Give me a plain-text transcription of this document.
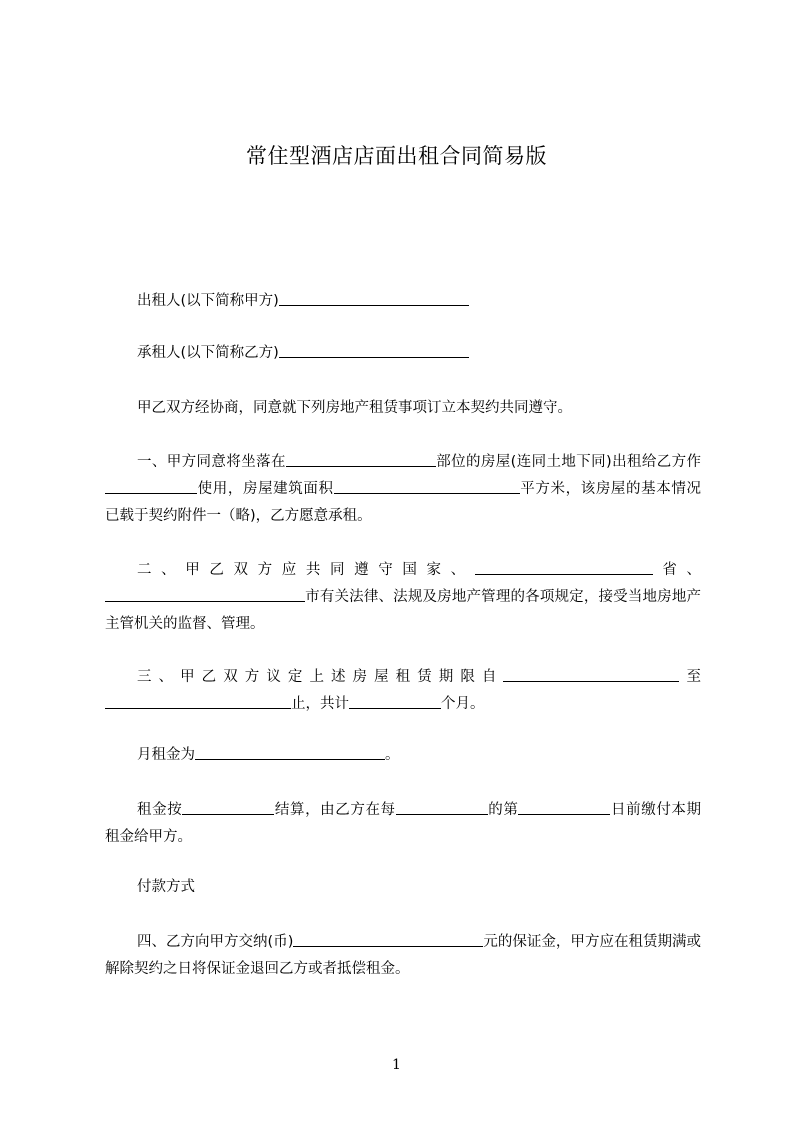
常住型酒店店面出租合同简易版

出租人(以下简称甲方)

承租人(以下简称乙方)

甲乙双方经协商，同意就下列房地产租赁事项订立本契约共同遵守。

一、甲方同意将坐落在	部位的房屋(连同土地下同)出租给乙方作使用，房屋建筑面积	平方米，该房屋的基本情况已载于契约附件一（略)，乙方愿意承租。

二、甲乙双方应共同遵守国家、	省、市有关法律、法规及房地产管理的各项规定，接受当地房地产主管机关的监督、管理。

三、甲乙双方议定上述房屋租赁期限自	至止，共计	个月。

月租金为	。

租金按	结算，由乙方在每	的第	日前缴付本期租金给甲方。

付款方式

四、乙方向甲方交纳(币)	元的保证金，甲方应在租赁期满或解除契约之日将保证金退回乙方或者抵偿租金。

1
